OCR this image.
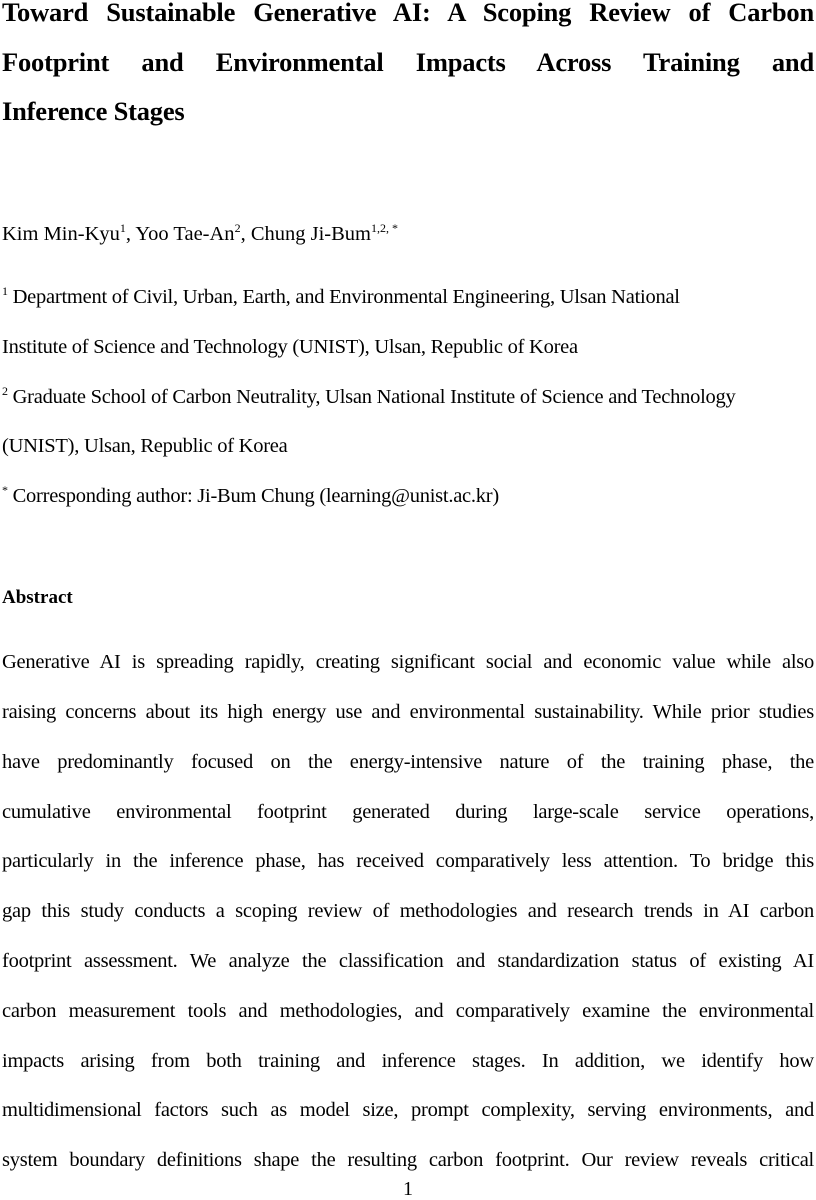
Toward Sustainable Generative AI: A Scoping Review of Carbon
Footprint and Environmental Impacts Across Training and
Inference Stages
Kim Min-Kyu$^1$, Yoo Tae-An$^2$, Chung Ji-Bum$^{1,2, *}$
$^1$ Department of Civil, Urban, Earth, and Environmental Engineering, Ulsan National
Institute of Science and Technology (UNIST), Ulsan, Republic of Korea
$^2$ Graduate School of Carbon Neutrality, Ulsan National Institute of Science and Technology
(UNIST), Ulsan, Republic of Korea
* Corresponding author: Ji-Bum Chung (learning@unist.ac.kr)
Abstract
Generative AI is spreading rapidly, creating significant social and economic value while also
raising concerns about its high energy use and environmental sustainability. While prior studies
have predominantly focused on the energy-intensive nature of the training phase, the
cumulative environmental footprint generated during large-scale service operations,
particularly in the inference phase, has received comparatively less attention. To bridge this
gap this study conducts a scoping review of methodologies and research trends in AI carbon
footprint assessment. We analyze the classification and standardization status of existing AI
carbon measurement tools and methodologies, and comparatively examine the environmental
impacts arising from both training and inference stages. In addition, we identify how
multidimensional factors such as model size, prompt complexity, serving environments, and
system boundary definitions shape the resulting carbon footprint. Our review reveals critical
1
